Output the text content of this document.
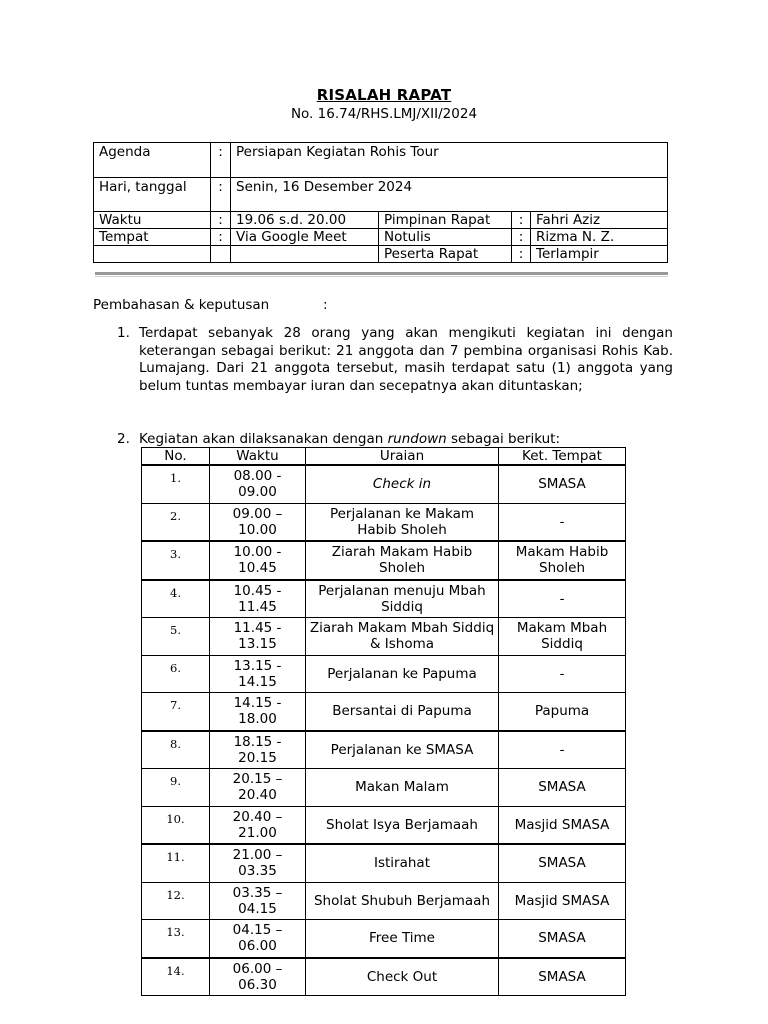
RISALAH RAPAT
No. 16.74/RHS.LMJ/XII/2024
Agenda	:	Persiapan Kegiatan Rohis Tour			
Hari, tanggal	:	Senin, 16 Desember 2024			
Waktu	:	19.06 s.d. 20.00	Pimpinan Rapat	:	Fahri Aziz
Tempat	:	Via Google Meet	Notulis	:	Rizma N. Z.
			Peserta Rapat	:	Terlampir
Pembahasan & keputusan	:
1. Terdapat sebanyak 28 orang yang akan mengikuti kegiatan ini dengan keterangan sebagai berikut: 21 anggota dan 7 pembina organisasi Rohis Kab. Lumajang. Dari 21 anggota tersebut, masih terdapat satu (1) anggota yang belum tuntas membayar iuran dan secepatnya akan dituntaskan;
2. Kegiatan akan dilaksanakan dengan rundown sebagai berikut:
No.	Waktu	Uraian	Ket. Tempat
1.	08.00 - 09.00	Check in	SMASA
2.	09.00 – 10.00	Perjalanan ke Makam Habib Sholeh	-
3.	10.00 - 10.45	Ziarah Makam Habib Sholeh	Makam Habib Sholeh
4.	10.45 - 11.45	Perjalanan menuju Mbah Siddiq	-
5.	11.45 - 13.15	Ziarah Makam Mbah Siddiq & Ishoma	Makam Mbah Siddiq
6.	13.15 - 14.15	Perjalanan ke Papuma	-
7.	14.15 - 18.00	Bersantai di Papuma	Papuma
8.	18.15 - 20.15	Perjalanan ke SMASA	-
9.	20.15 – 20.40	Makan Malam	SMASA
10.	20.40 – 21.00	Sholat Isya Berjamaah	Masjid SMASA
11.	21.00 – 03.35	Istirahat	SMASA
12.	03.35 – 04.15	Sholat Shubuh Berjamaah	Masjid SMASA
13.	04.15 – 06.00	Free Time	SMASA
14.	06.00 – 06.30	Check Out	SMASA
